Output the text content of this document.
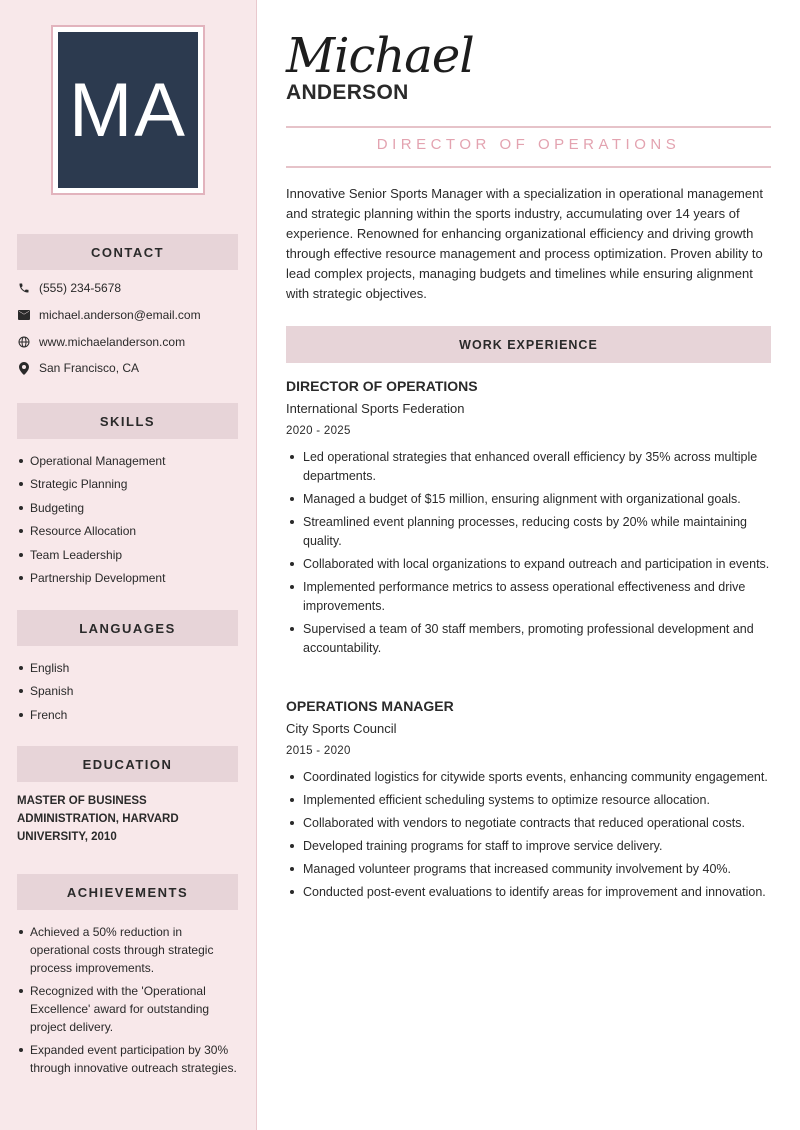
MA
CONTACT
(555) 234-5678
michael.anderson@email.com
www.michaelanderson.com
San Francisco, CA
SKILLS
Operational Management
Strategic Planning
Budgeting
Resource Allocation
Team Leadership
Partnership Development
LANGUAGES
English
Spanish
French
EDUCATION
MASTER OF BUSINESS ADMINISTRATION, HARVARD UNIVERSITY, 2010
ACHIEVEMENTS
Achieved a 50% reduction in operational costs through strategic process improvements.
Recognized with the 'Operational Excellence' award for outstanding project delivery.
Expanded event participation by 30% through innovative outreach strategies.
Michael
ANDERSON
DIRECTOR OF OPERATIONS
Innovative Senior Sports Manager with a specialization in operational management and strategic planning within the sports industry, accumulating over 14 years of experience. Renowned for enhancing organizational efficiency and driving growth through effective resource management and process optimization. Proven ability to lead complex projects, managing budgets and timelines while ensuring alignment with strategic objectives.
WORK EXPERIENCE
DIRECTOR OF OPERATIONS
International Sports Federation
2020 - 2025
Led operational strategies that enhanced overall efficiency by 35% across multiple departments.
Managed a budget of $15 million, ensuring alignment with organizational goals.
Streamlined event planning processes, reducing costs by 20% while maintaining quality.
Collaborated with local organizations to expand outreach and participation in events.
Implemented performance metrics to assess operational effectiveness and drive improvements.
Supervised a team of 30 staff members, promoting professional development and accountability.
OPERATIONS MANAGER
City Sports Council
2015 - 2020
Coordinated logistics for citywide sports events, enhancing community engagement.
Implemented efficient scheduling systems to optimize resource allocation.
Collaborated with vendors to negotiate contracts that reduced operational costs.
Developed training programs for staff to improve service delivery.
Managed volunteer programs that increased community involvement by 40%.
Conducted post-event evaluations to identify areas for improvement and innovation.
